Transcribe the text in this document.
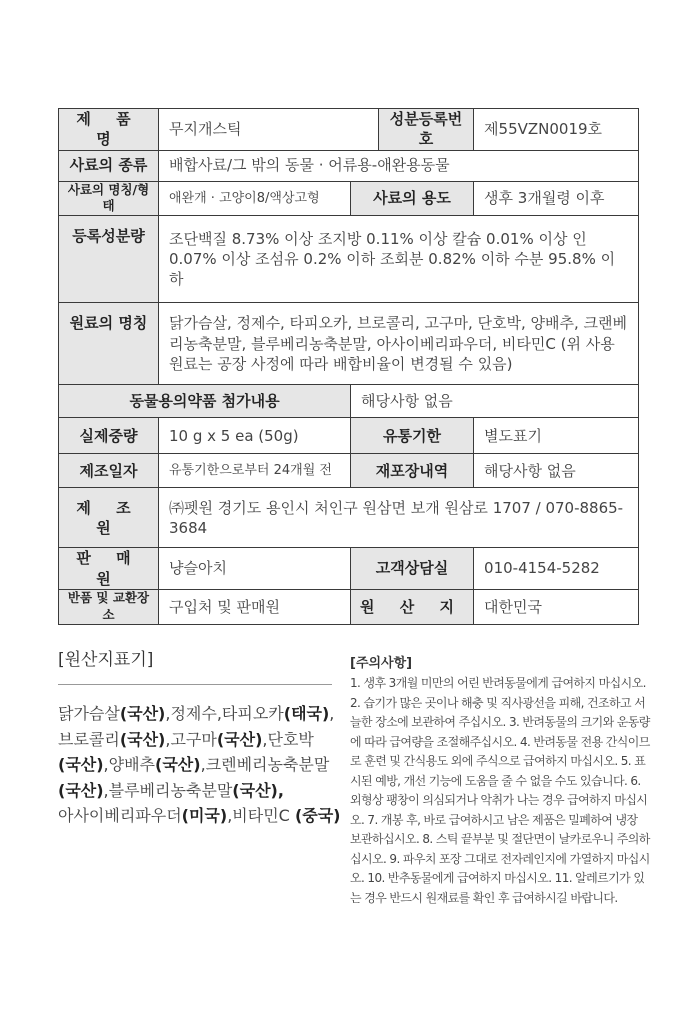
제 품 명	무지개스틱		성분등록번호	제55VZN0019호
사료의 종류	배합사료/그 밖의 동물 · 어류용-애완용동물			
사료의 명칭/형태	애완개 · 고양이8/액상고형	사료의 용도		생후 3개월령 이후
등록성분량	조단백질 8.73% 이상 조지방 0.11% 이상 칼슘 0.01% 이상 인 0.07% 이상 조섬유 0.2% 이하 조회분 0.82% 이하 수분 95.8% 이하			
원료의 명칭	닭가슴살, 정제수, 타피오카, 브로콜리, 고구마, 단호박, 양배추, 크랜베리농축분말, 블루베리농축분말, 아사이베리파우더, 비타민C (위 사용 원료는 공장 사정에 따라 배합비율이 변경될 수 있음)			
동물용의약품 첨가내용		해당사항 없음		
실제중량	10 g x 5 ea (50g)	유통기한		별도표기
제조일자	유통기한으로부터 24개월 전	재포장내역		해당사항 없음
제 조 원	㈜펫원 경기도 용인시 처인구 원삼면 보개 원삼로 1707 / 070-8865-3684			
판 매 원	냥슬아치	고객상담실		010-4154-5282
반품 및 교환장소	구입처 및 판매원	원 산 지		대한민국
[원산지표기]

닭가슴살(국산),정제수,타피오카(태국),브로콜리(국산),고구마(국산),단호박(국산),양배추(국산),크렌베리농축분말(국산),블루베리농축분말(국산), 아사이베리파우더(미국),비타민C (중국)

[주의사항]

1. 생후 3개월 미만의 어린 반려동물에게 급여하지 마십시오. 2. 습기가 많은 곳이나 해충 및 직사광선을 피해, 건조하고 서늘한 장소에 보관하여 주십시오. 3. 반려동물의 크기와 운동량에 따라 급여량을 조절해주십시오. 4. 반려동물 전용 간식이므로 훈련 및 간식용도 외에 주식으로 급여하지 마십시오. 5. 표시된 예방, 개선 기능에 도움을 줄 수 없을 수도 있습니다. 6. 외형상 팽창이 의심되거나 악취가 나는 경우 급여하지 마십시오. 7. 개봉 후, 바로 급여하시고 남은 제품은 밀폐하여 냉장 보관하십시오. 8. 스틱 끝부분 및 절단면이 날카로우니 주의하십시오. 9. 파우치 포장 그대로 전자레인지에 가열하지 마십시오. 10. 반추동물에게 급여하지 마십시오. 11. 알레르기가 있는 경우 반드시 원재료를 확인 후 급여하시길 바랍니다.
